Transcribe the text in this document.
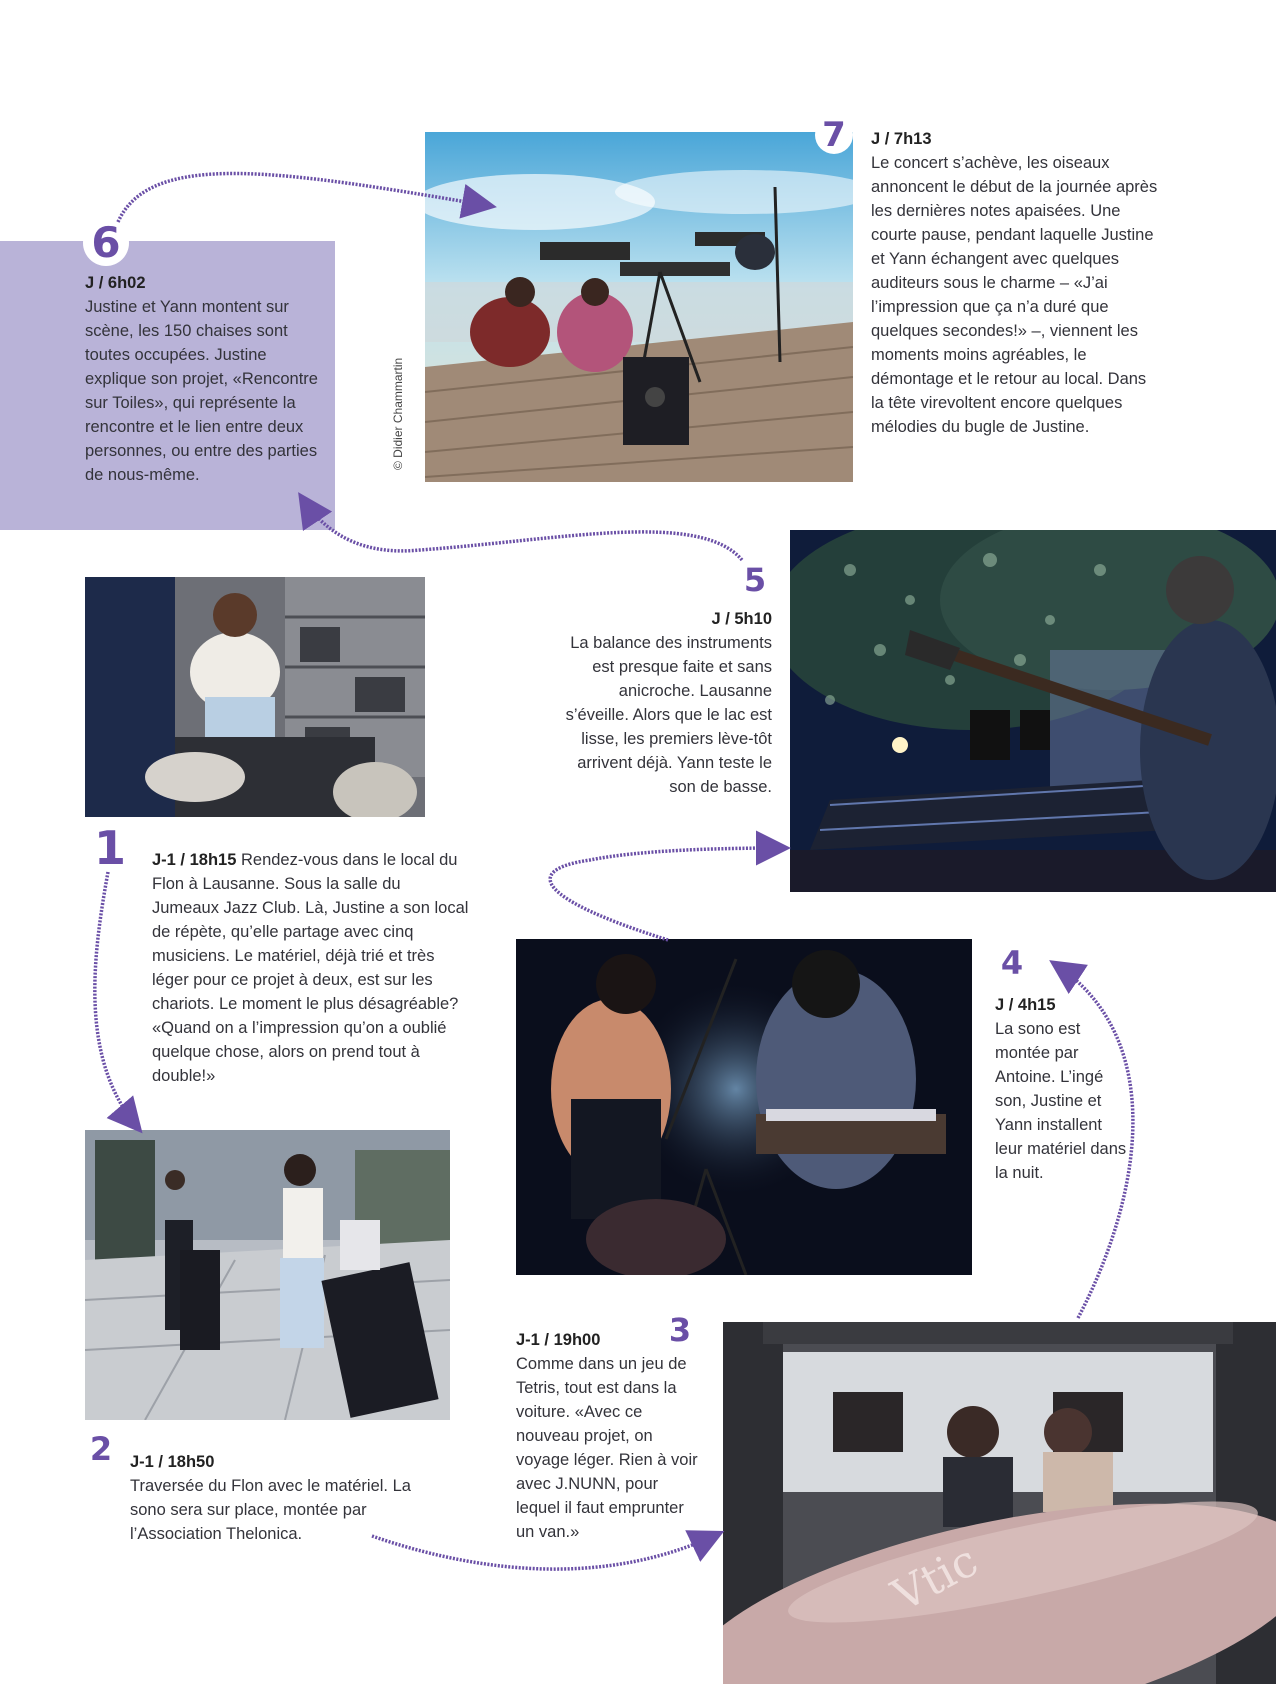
© Didier Chammartin
Vtic
6
7
5
1
4
3
2
J / 6h02
Justine et Yann montent sur scène, les 150 chaises sont toutes occupées. Justine explique son projet, «Rencontre sur Toiles», qui représente la rencontre et le lien entre deux personnes, ou entre des parties de nous-même.
J / 7h13
Le concert s’achève, les oiseaux annoncent le début de la journée après les dernières notes apaisées. Une courte pause, pendant laquelle Justine et Yann échangent avec quelques auditeurs sous le charme – «J’ai l’impression que ça n’a duré que quelques secondes!» –, viennent les moments moins agréables, le démontage et le retour au local. Dans la tête virevoltent encore quelques mélodies du bugle de Justine.
J / 5h10
La balance des instruments est presque faite et sans anicroche. Lausanne s’éveille. Alors que le lac est lisse, les premiers lève-tôt arrivent déjà. Yann teste le son de basse.
J-1 / 18h15 Rendez-vous dans le local du Flon à Lausanne. Sous la salle du Jumeaux Jazz Club. Là, Justine a son local de répète, qu’elle partage avec cinq musiciens. Le matériel, déjà trié et très léger pour ce projet à deux, est sur les chariots. Le moment le plus désagréable? «Quand on a l’impression qu’on a oublié quelque chose, alors on prend tout à double!»
J / 4h15
La sono est montée par Antoine. L’ingé son, Justine et Yann installent leur matériel dans la nuit.
J-1 / 19h00
Comme dans un jeu de Tetris, tout est dans la voiture. «Avec ce nouveau projet, on voyage léger. Rien à voir avec J.NUNN, pour lequel il faut emprunter un van.»
J-1 / 18h50
Traversée du Flon avec le matériel. La sono sera sur place, montée par l’Association Thelonica.
